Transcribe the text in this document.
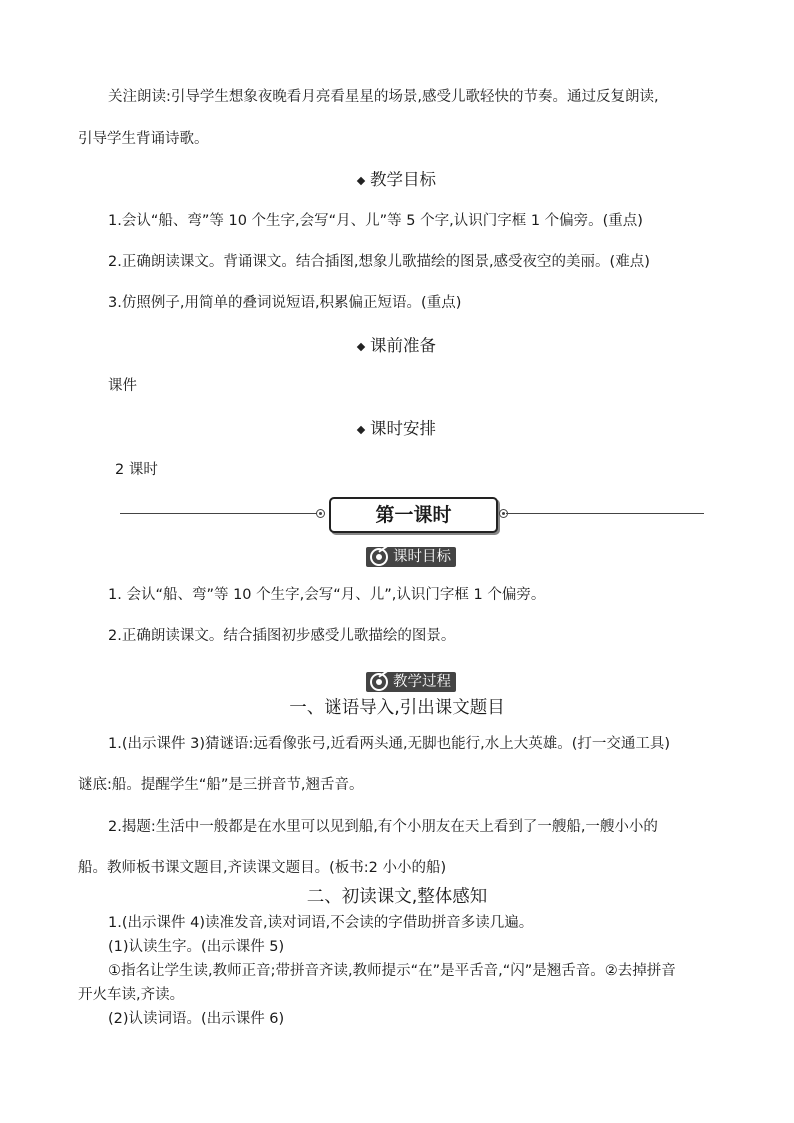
关注朗读:引导学生想象夜晚看月亮看星星的场景,感受儿歌轻快的节奏。通过反复朗读,
引导学生背诵诗歌。
教学目标
1.会认“船、弯”等 10 个生字,会写“月、儿”等 5 个字,认识门字框 1 个偏旁。(重点)
2.正确朗读课文。背诵课文。结合插图,想象儿歌描绘的图景,感受夜空的美丽。(难点)
3.仿照例子,用简单的叠词说短语,积累偏正短语。(重点)
课前准备
课件
课时安排
2 课时
第一课时
课时目标
1. 会认“船、弯”等 10 个生字,会写“月、儿”,认识门字框 1 个偏旁。
2.正确朗读课文。结合插图初步感受儿歌描绘的图景。
教学过程
一、谜语导入,引出课文题目
1.(出示课件 3)猜谜语:远看像张弓,近看两头通,无脚也能行,水上大英雄。(打一交通工具)
谜底:船。提醒学生“船”是三拼音节,翘舌音。
2.揭题:生活中一般都是在水里可以见到船,有个小朋友在天上看到了一艘船,一艘小小的
船。教师板书课文题目,齐读课文题目。(板书:2 小小的船)
二、初读课文,整体感知
1.(出示课件 4)读准发音,读对词语,不会读的字借助拼音多读几遍。
(1)认读生字。(出示课件 5)
①指名让学生读,教师正音;带拼音齐读,教师提示“在”是平舌音,“闪”是翘舌音。②去掉拼音
开火车读,齐读。
(2)认读词语。(出示课件 6)
